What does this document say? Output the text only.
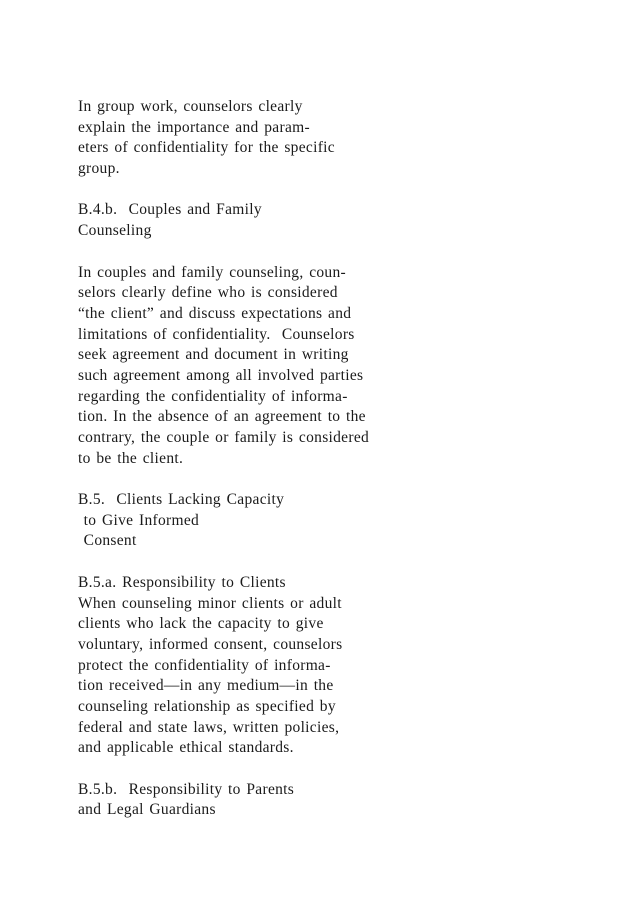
In group work, counselors clearly
explain the importance and param-
eters of confidentiality for the specific
group.
B.4.b.  Couples and Family
Counseling
In couples and family counseling, coun-
selors clearly define who is considered
“the client” and discuss expectations and
limitations of confidentiality.  Counselors
seek agreement and document in writing
such agreement among all involved parties
regarding the confidentiality of informa-
tion. In the absence of an agreement to the
contrary, the couple or family is considered
to be the client.
B.5.  Clients Lacking Capacity
to Give Informed
Consent
B.5.a. Responsibility to Clients
When counseling minor clients or adult
clients who lack the capacity to give
voluntary, informed consent, counselors
protect the confidentiality of informa-
tion received—in any medium—in the
counseling relationship as specified by
federal and state laws, written policies,
and applicable ethical standards.
B.5.b.  Responsibility to Parents
and Legal Guardians
